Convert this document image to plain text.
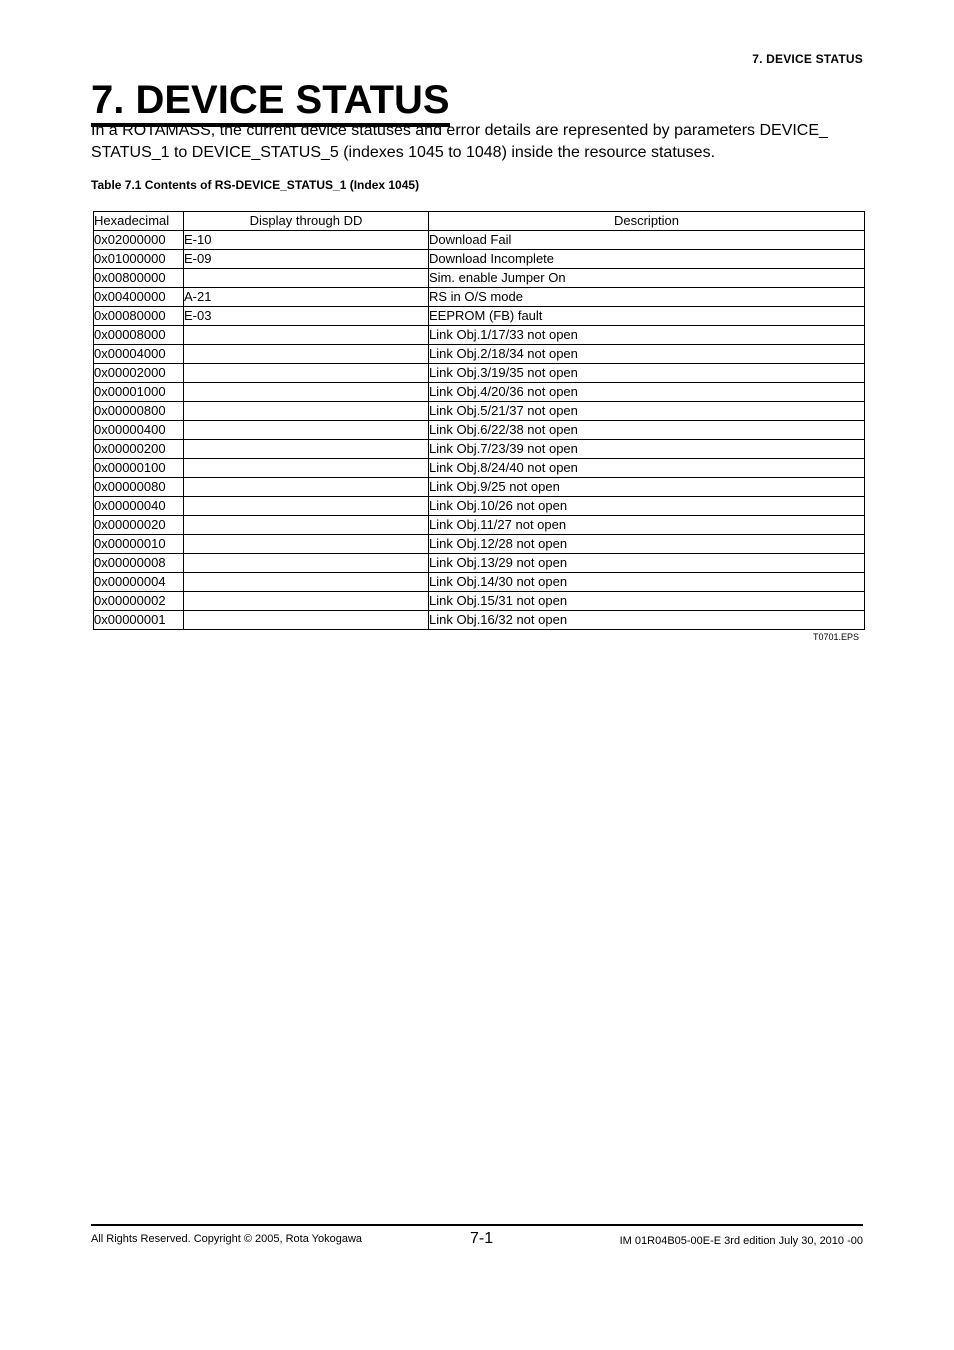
7. DEVICE STATUS
7. DEVICE STATUS

In a ROTAMASS, the current device statuses and error details are represented by parameters DEVICE_ STATUS_1 to DEVICE_STATUS_5 (indexes 1045 to 1048) inside the resource statuses.

Table 7.1 Contents of RS-DEVICE_STATUS_1 (Index 1045)
Hexadecimal	Display through DD	Description
0x02000000	E-10	Download Fail
0x01000000	E-09	Download Incomplete
0x00800000		Sim. enable Jumper On
0x00400000	A-21	RS in O/S mode
0x00080000	E-03	EEPROM (FB) fault
0x00008000		Link Obj.1/17/33 not open
0x00004000		Link Obj.2/18/34 not open
0x00002000		Link Obj.3/19/35 not open
0x00001000		Link Obj.4/20/36 not open
0x00000800		Link Obj.5/21/37 not open
0x00000400		Link Obj.6/22/38 not open
0x00000200		Link Obj.7/23/39 not open
0x00000100		Link Obj.8/24/40 not open
0x00000080		Link Obj.9/25 not open
0x00000040		Link Obj.10/26 not open
0x00000020		Link Obj.11/27 not open
0x00000010		Link Obj.12/28 not open
0x00000008		Link Obj.13/29 not open
0x00000004		Link Obj.14/30 not open
0x00000002		Link Obj.15/31 not open
0x00000001		Link Obj.16/32 not open
T0701.EPS
All Rights Reserved. Copyright © 2005, Rota Yokogawa	7-1	IM 01R04B05-00E-E 3rd edition July 30, 2010 -00
